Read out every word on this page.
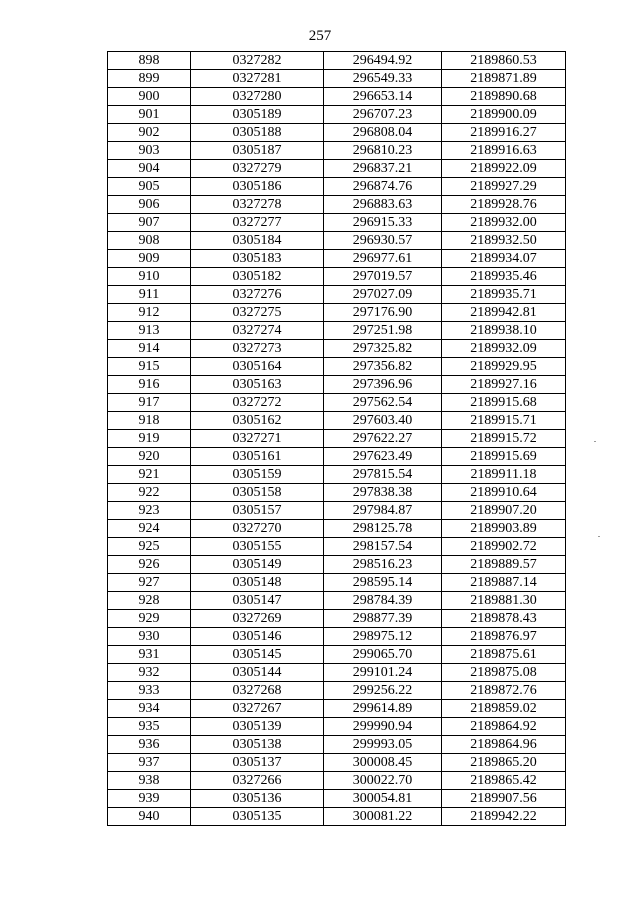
257
898	0327282	296494.92	2189860.53
899	0327281	296549.33	2189871.89
900	0327280	296653.14	2189890.68
901	0305189	296707.23	2189900.09
902	0305188	296808.04	2189916.27
903	0305187	296810.23	2189916.63
904	0327279	296837.21	2189922.09
905	0305186	296874.76	2189927.29
906	0327278	296883.63	2189928.76
907	0327277	296915.33	2189932.00
908	0305184	296930.57	2189932.50
909	0305183	296977.61	2189934.07
910	0305182	297019.57	2189935.46
911	0327276	297027.09	2189935.71
912	0327275	297176.90	2189942.81
913	0327274	297251.98	2189938.10
914	0327273	297325.82	2189932.09
915	0305164	297356.82	2189929.95
916	0305163	297396.96	2189927.16
917	0327272	297562.54	2189915.68
918	0305162	297603.40	2189915.71
919	0327271	297622.27	2189915.72
920	0305161	297623.49	2189915.69
921	0305159	297815.54	2189911.18
922	0305158	297838.38	2189910.64
923	0305157	297984.87	2189907.20
924	0327270	298125.78	2189903.89
925	0305155	298157.54	2189902.72
926	0305149	298516.23	2189889.57
927	0305148	298595.14	2189887.14
928	0305147	298784.39	2189881.30
929	0327269	298877.39	2189878.43
930	0305146	298975.12	2189876.97
931	0305145	299065.70	2189875.61
932	0305144	299101.24	2189875.08
933	0327268	299256.22	2189872.76
934	0327267	299614.89	2189859.02
935	0305139	299990.94	2189864.92
936	0305138	299993.05	2189864.96
937	0305137	300008.45	2189865.20
938	0327266	300022.70	2189865.42
939	0305136	300054.81	2189907.56
940	0305135	300081.22	2189942.22
